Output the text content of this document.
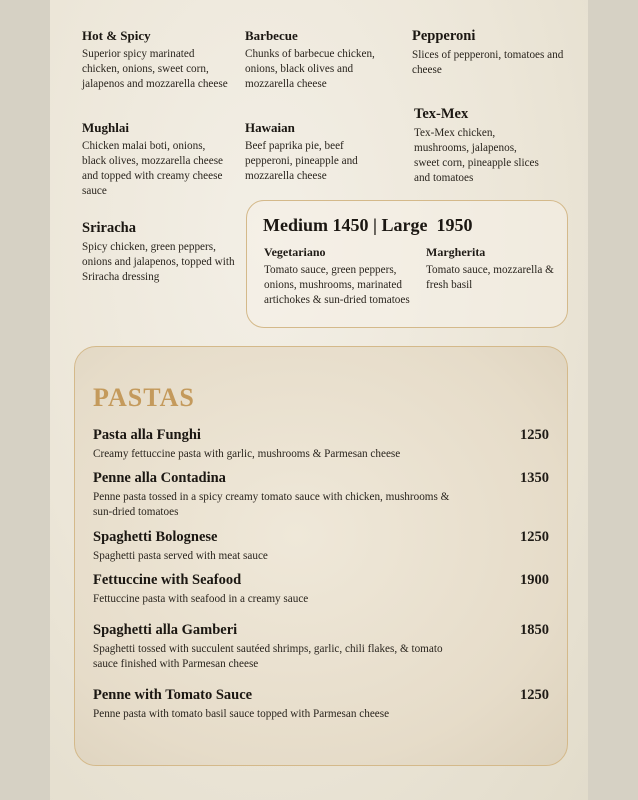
Hot & Spicy

Superior spicy marinated chicken, onions, sweet corn, jalapenos and mozzarella cheese

Barbecue

Chunks of barbecue chicken, onions, black olives and mozzarella cheese

Pepperoni

Slices of pepperoni, tomatoes and cheese

Mughlai

Chicken malai boti, onions, black olives, mozzarella cheese and topped with creamy cheese sauce

Hawaian

Beef paprika pie, beef pepperoni, pineapple and mozzarella cheese

Tex-Mex

Tex-Mex chicken, mushrooms, jalapenos, sweet corn, pineapple slices and tomatoes

Sriracha

Spicy chicken, green peppers, onions and jalapenos, topped with Sriracha dressing

Medium 1450 | Large  1950
Vegetariano

Tomato sauce, green peppers, onions, mushrooms, marinated artichokes & sun-dried tomatoes

Margherita

Tomato sauce, mozzarella & fresh basil

PASTAS
Pasta alla Funghi	1250
Creamy fettuccine pasta with garlic, mushrooms & Parmesan cheese
Penne alla Contadina	1350
Penne pasta tossed in a spicy creamy tomato sauce with chicken, mushrooms & sun-dried tomatoes
Spaghetti Bolognese	1250
Spaghetti pasta served with meat sauce
Fettuccine with Seafood	1900
Fettuccine pasta with seafood in a creamy sauce
Spaghetti alla Gamberi	1850
Spaghetti tossed with succulent sautéed shrimps, garlic, chili flakes, & tomato sauce finished with Parmesan cheese
Penne with Tomato Sauce	1250
Penne pasta with tomato basil sauce topped with Parmesan cheese
